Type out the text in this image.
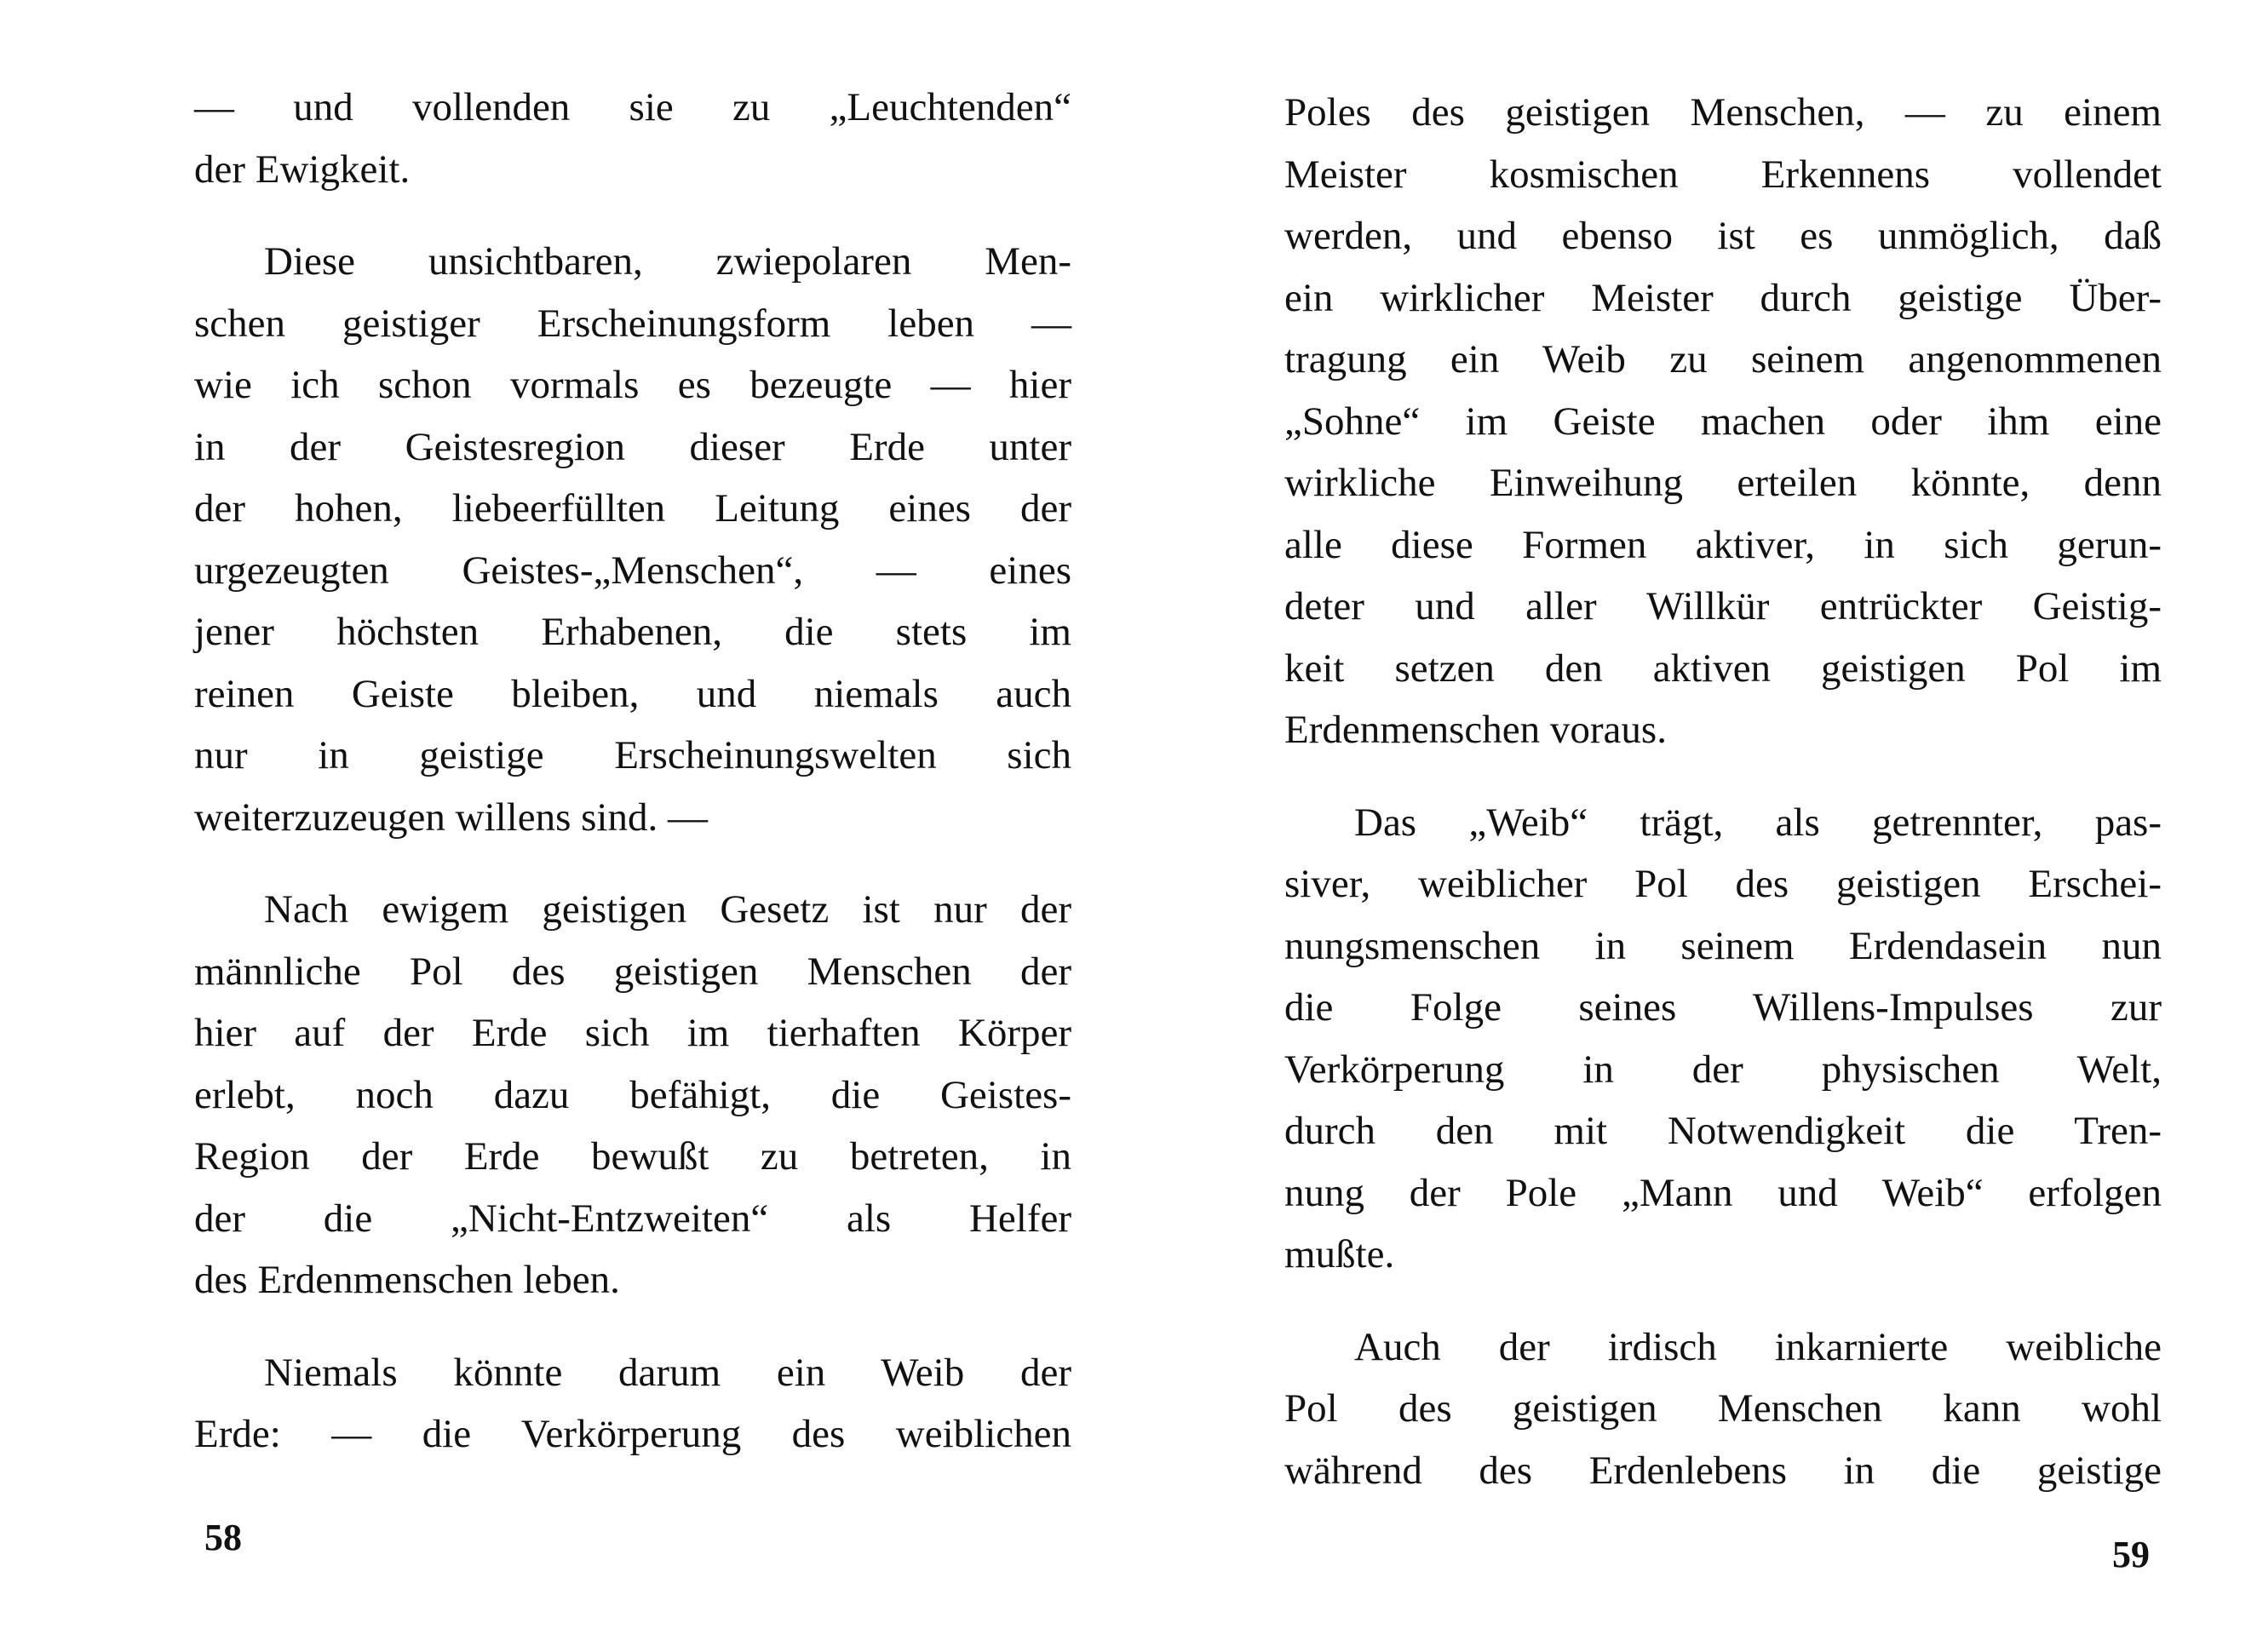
— und vollenden sie zu „Leuchtenden“
der Ewigkeit.

Diese unsichtbaren, zwiepolaren Men-
schen geistiger Erscheinungsform leben —
wie ich schon vormals es bezeugte — hier
in der Geistesregion dieser Erde unter
der hohen, liebeerfüllten Leitung eines der
urgezeugten Geistes-„Menschen“, — eines
jener höchsten Erhabenen, die stets im
reinen Geiste bleiben, und niemals auch
nur in geistige Erscheinungswelten sich
weiterzuzeugen willens sind. —

Nach ewigem geistigen Gesetz ist nur der
männliche Pol des geistigen Menschen der
hier auf der Erde sich im tierhaften Körper
erlebt, noch dazu befähigt, die Geistes-
Region der Erde bewußt zu betreten, in
der die „Nicht-Entzweiten“ als Helfer
des Erdenmenschen leben.

Niemals könnte darum ein Weib der
Erde: — die Verkörperung des weiblichen

58

Poles des geistigen Menschen, — zu einem
Meister kosmischen Erkennens vollendet
werden, und ebenso ist es unmöglich, daß
ein wirklicher Meister durch geistige Über-
tragung ein Weib zu seinem angenommenen
„Sohne“ im Geiste machen oder ihm eine
wirkliche Einweihung erteilen könnte, denn
alle diese Formen aktiver, in sich gerun-
deter und aller Willkür entrückter Geistig-
keit setzen den aktiven geistigen Pol im
Erdenmenschen voraus.

Das „Weib“ trägt, als getrennter, pas-
siver, weiblicher Pol des geistigen Erschei-
nungsmenschen in seinem Erdendasein nun
die Folge seines Willens-Impulses zur
Verkörperung in der physischen Welt,
durch den mit Notwendigkeit die Tren-
nung der Pole „Mann und Weib“ erfolgen
mußte.

Auch der irdisch inkarnierte weibliche
Pol des geistigen Menschen kann wohl
während des Erdenlebens in die geistige

59
